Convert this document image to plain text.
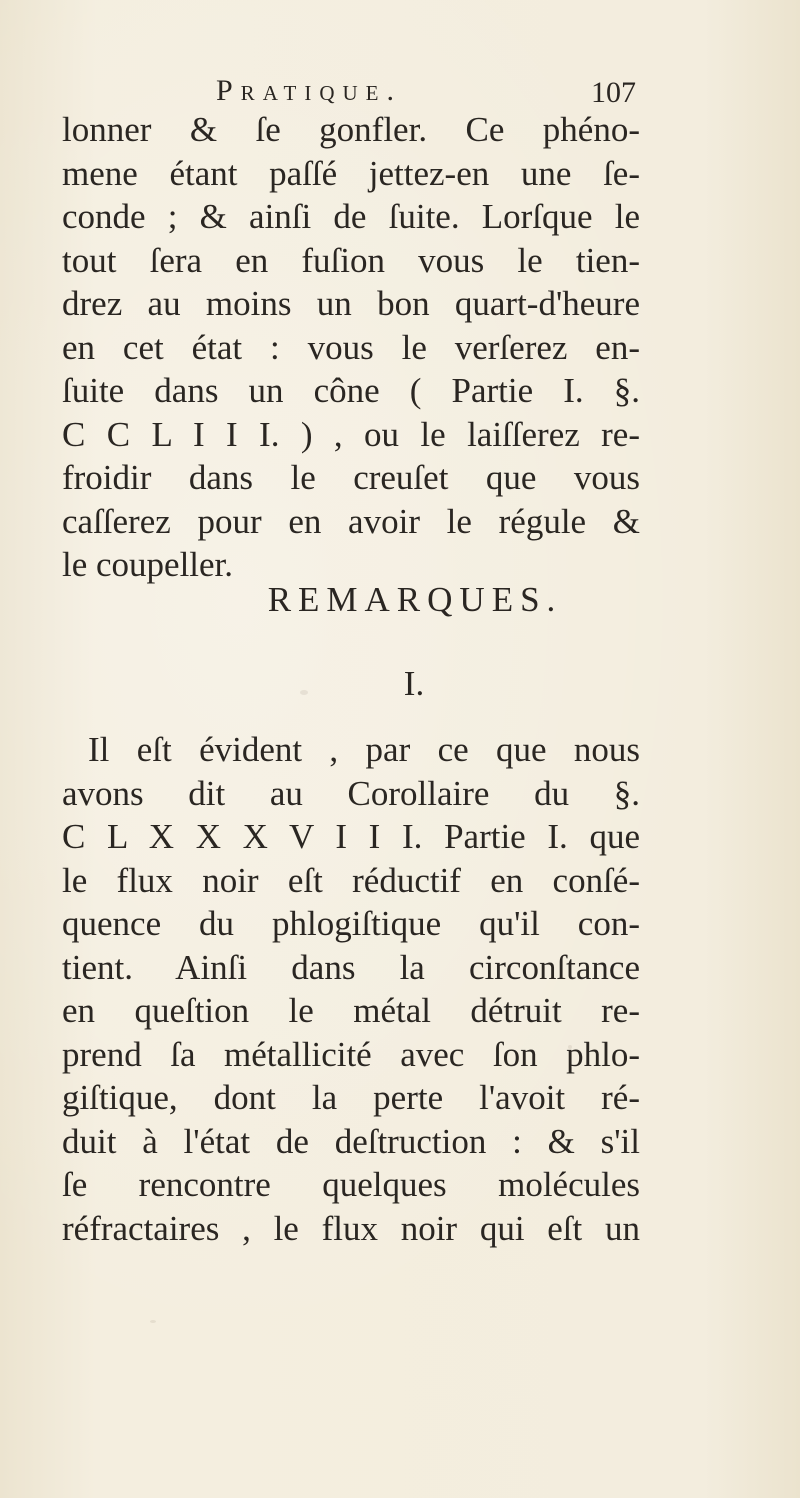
Pratique.	107
lonner & ſe gonfler. Ce phéno-
mene étant paſſé jettez-en une ſe-
conde ; & ainſi de ſuite. Lorſque le
tout ſera en fuſion vous le tien-
drez au moins un bon quart-d'heure
en cet état : vous le verſerez en-
ſuite dans un cône ( Partie I. §.
C C L I I I. ) , ou le laiſſerez re-
froidir dans le creuſet que vous
caſſerez pour en avoir le régule &
le coupeller.
REMARQUES.
I.
Il eſt évident , par ce que nous
avons dit au Corollaire du §.
C L X X X V I I I. Partie I. que
le flux noir eſt réductif en conſé-
quence du phlogiſtique qu'il con-
tient. Ainſi dans la circonſtance
en queſtion le métal détruit re-
prend ſa métallicité avec ſon phlo-
giſtique, dont la perte l'avoit ré-
duit à l'état de deſtruction : & s'il
ſe rencontre quelques molécules
réfractaires , le flux noir qui eſt un
